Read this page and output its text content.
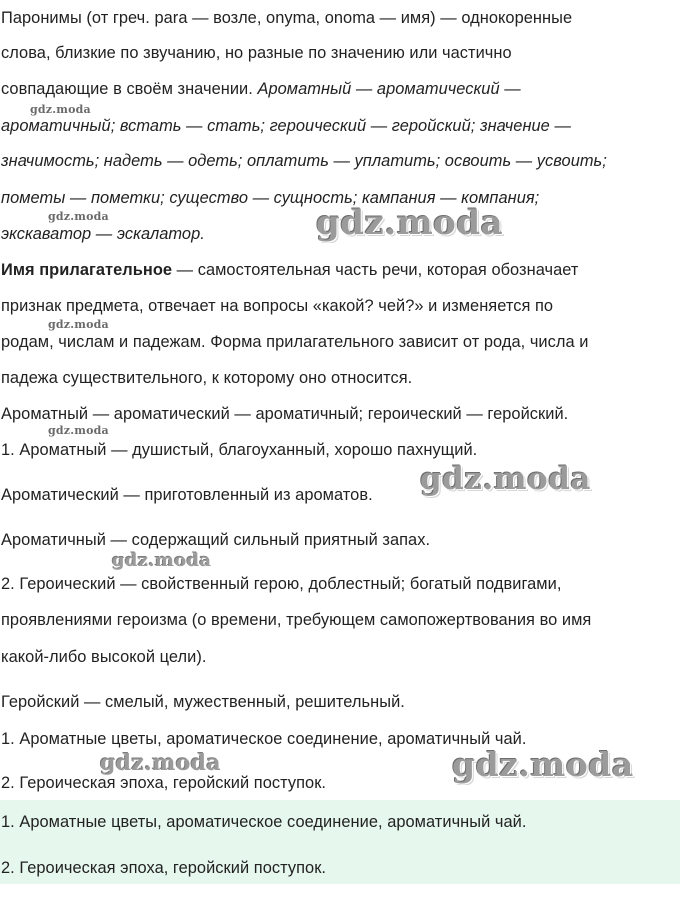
Паронимы (от греч. para — возле, onyma, onoma — имя) — однокоренные
слова, близкие по звучанию, но разные по значению или частично
совпадающие в своём значении. Ароматный — ароматический —
ароматичный; встать — стать; героический — геройский; значение —
значимость; надеть — одеть; оплатить — уплатить; освоить — усвоить;
пометы — пометки; существо — сущность; кампания — компания;
экскаватор — эскалатор.
Имя прилагательное — самостоятельная часть речи, которая обозначает
признак предмета, отвечает на вопросы «какой? чей?» и изменяется по
родам, числам и падежам. Форма прилагательного зависит от рода, числа и
падежа существительного, к которому оно относится.
Ароматный — ароматический — ароматичный; героический — геройский.
1. Ароматный — душистый, благоуханный, хорошо пахнущий.
Ароматический — приготовленный из ароматов.
Ароматичный — содержащий сильный приятный запах.
2. Героический — свойственный герою, доблестный; богатый подвигами,
проявлениями героизма (о времени, требующем самопожертвования во имя
какой-либо высокой цели).
Геройский — смелый, мужественный, решительный.
1. Ароматные цветы, ароматическое соединение, ароматичный чай.
2. Героическая эпоха, геройский поступок.
1. Ароматные цветы, ароматическое соединение, ароматичный чай.
2. Героическая эпоха, геройский поступок.
gdz.moda
gdz.moda
gdz.moda
gdz.moda
gdz.moda
gdz.moda
gdz.moda
gdz.moda	gdz.moda
